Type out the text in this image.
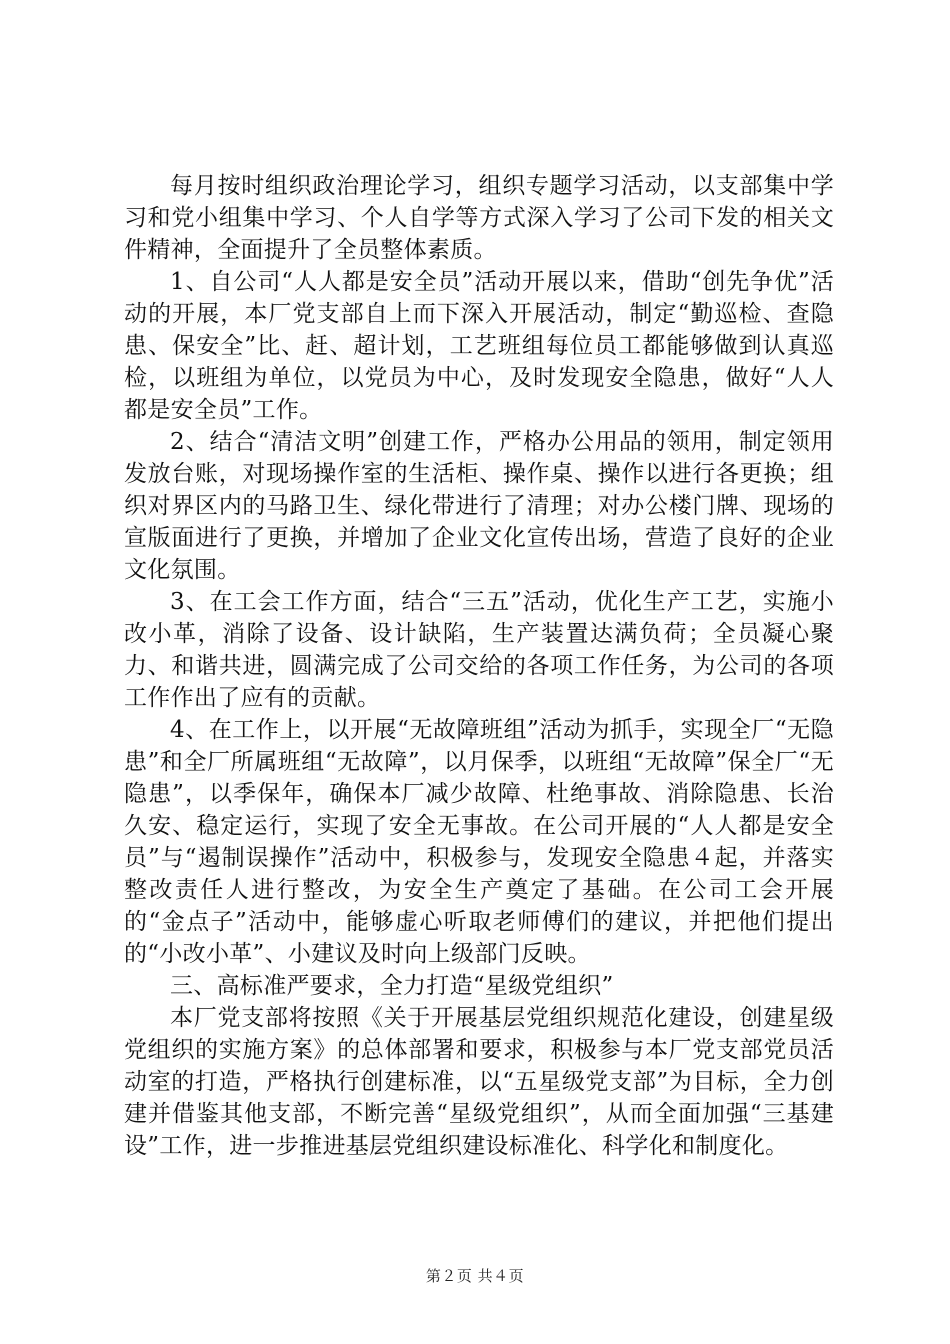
每月按时组织政治理论学习，组织专题学习活动，以支部集中学习和党小组集中学习、个人自学等方式深入学习了公司下发的相关文件精神，全面提升了全员整体素质。

1、自公司“人人都是安全员”活动开展以来，借助“创先争优”活动的开展，本厂党支部自上而下深入开展活动，制定“勤巡检、查隐患、保安全”比、赶、超计划，工艺班组每位员工都能够做到认真巡检，以班组为单位，以党员为中心，及时发现安全隐患，做好“人人都是安全员”工作。

2、结合“清洁文明”创建工作，严格办公用品的领用，制定领用发放台账，对现场操作室的生活柜、操作桌、操作以进行各更换；组织对界区内的马路卫生、绿化带进行了清理；对办公楼门牌、现场的宣版面进行了更换，并增加了企业文化宣传出场，营造了良好的企业文化氛围。

3、在工会工作方面，结合“三五”活动，优化生产工艺，实施小改小革，消除了设备、设计缺陷，生产装置达满负荷；全员凝心聚力、和谐共进，圆满完成了公司交给的各项工作任务，为公司的各项工作作出了应有的贡献。

4、在工作上，以开展“无故障班组”活动为抓手，实现全厂“无隐患”和全厂所属班组“无故障”，以月保季，以班组“无故障”保全厂“无隐患”，以季保年，确保本厂减少故障、杜绝事故、消除隐患、长治久安、稳定运行，实现了安全无事故。在公司开展的“人人都是安全员”与“遏制误操作”活动中，积极参与，发现安全隐患４起，并落实整改责任人进行整改，为安全生产奠定了基础。在公司工会开展的“金点子”活动中，能够虚心听取老师傅们的建议，并把他们提出的“小改小革”、小建议及时向上级部门反映。

三、高标准严要求，全力打造“星级党组织”

本厂党支部将按照《关于开展基层党组织规范化建设，创建星级党组织的实施方案》的总体部署和要求，积极参与本厂党支部党员活动室的打造，严格执行创建标准，以“五星级党支部”为目标，全力创建并借鉴其他支部，不断完善“星级党组织”，从而全面加强“三基建设”工作，进一步推进基层党组织建设标准化、科学化和制度化。

第２页 共４页
